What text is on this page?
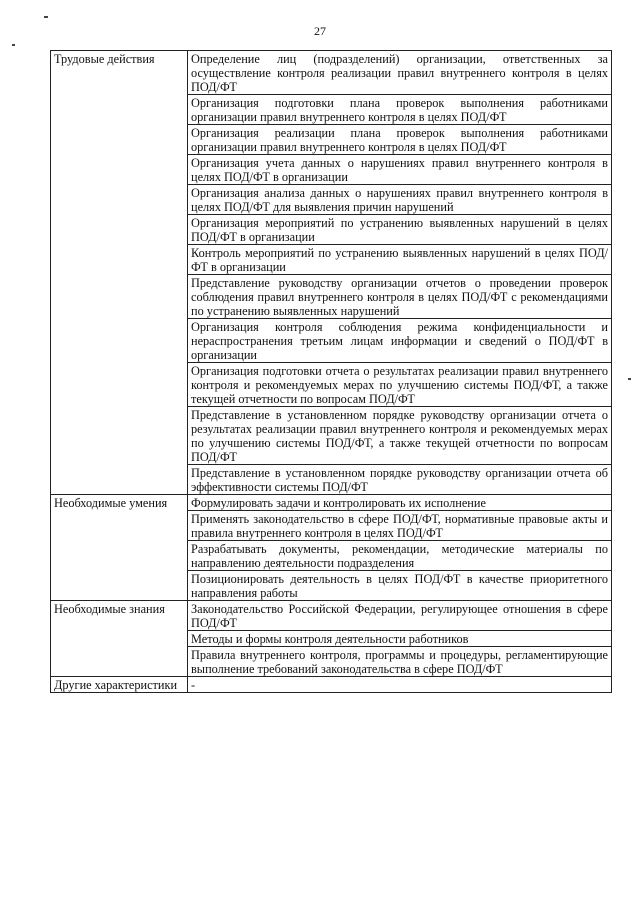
27
Трудовые действия	Определение лиц (подразделений) организации, ответственных за осуществление контроля реализации правил внутреннего контроля в целях ПОД/ФТ

	Организация подготовки плана проверок выполнения работниками организации правил внутреннего контроля в целях ПОД/ФТ

	Организация реализации плана проверок выполнения работниками организации правил внутреннего контроля в целях ПОД/ФТ

	Организация учета данных о нарушениях правил внутреннего контроля в целях ПОД/ФТ в организации

	Организация анализа данных о нарушениях правил внутреннего контроля в целях ПОД/ФТ для выявления причин нарушений

	Организация мероприятий по устранению выявленных нарушений в целях ПОД/ФТ в организации

	Контроль мероприятий по устранению выявленных нарушений в целях ПОД/ФТ в организации

	Представление руководству организации отчетов о проведении проверок соблюдения правил внутреннего контроля в целях ПОД/ФТ с рекомендациями по устранению выявленных нарушений

	Организация контроля соблюдения режима конфиденциальности и нераспространения третьим лицам информации и сведений о ПОД/ФТ в организации

	Организация подготовки отчета о результатах реализации правил внутреннего контроля и рекомендуемых мерах по улучшению системы ПОД/ФТ, а также текущей отчетности по вопросам ПОД/ФТ

	Представление в установленном порядке руководству организации отчета о результатах реализации правил внутреннего контроля и рекомендуемых мерах по улучшению системы ПОД/ФТ, а также текущей отчетности по вопросам ПОД/ФТ

	Представление в установленном порядке руководству организации отчета об эффективности системы ПОД/ФТ

Необходимые умения	Формулировать задачи и контролировать их исполнение

	Применять законодательство в сфере ПОД/ФТ, нормативные правовые акты и правила внутреннего контроля в целях ПОД/ФТ

	Разрабатывать документы, рекомендации, методические материалы по направлению деятельности подразделения

	Позиционировать деятельность в целях ПОД/ФТ в качестве приоритетного направления работы

Необходимые знания	Законодательство Российской Федерации, регулирующее отношения в сфере ПОД/ФТ

	Методы и формы контроля деятельности работников

	Правила внутреннего контроля, программы и процедуры, регламентирующие выполнение требований законодательства в сфере ПОД/ФТ

Другие характеристики	-
